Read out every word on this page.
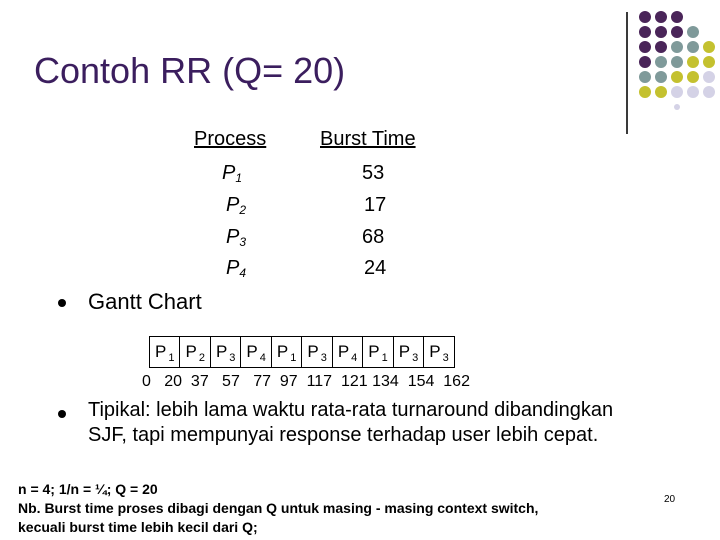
Contoh RR (Q= 20)
Process	Burst Time
$P_1$
$P_2$
$P_3$
$P_4$
53
17
68
24
Gantt Chart
P $_1$ P $_2$ P $_3$ P $_4$ P $_1$ P $_3$ P $_4$ P $_1$ P $_3$ P $_3$
0   20  37   57   77  97  117  121 134  154  162
Tipikal: lebih lama waktu rata-rata turnaround dibandingkan SJF, tapi mempunyai response terhadap user lebih cepat.
n = 4; 1/n = ¼; Q = 20
Nb. Burst time proses dibagi dengan Q untuk masing - masing context switch,
kecuali burst time lebih kecil dari Q;
20
